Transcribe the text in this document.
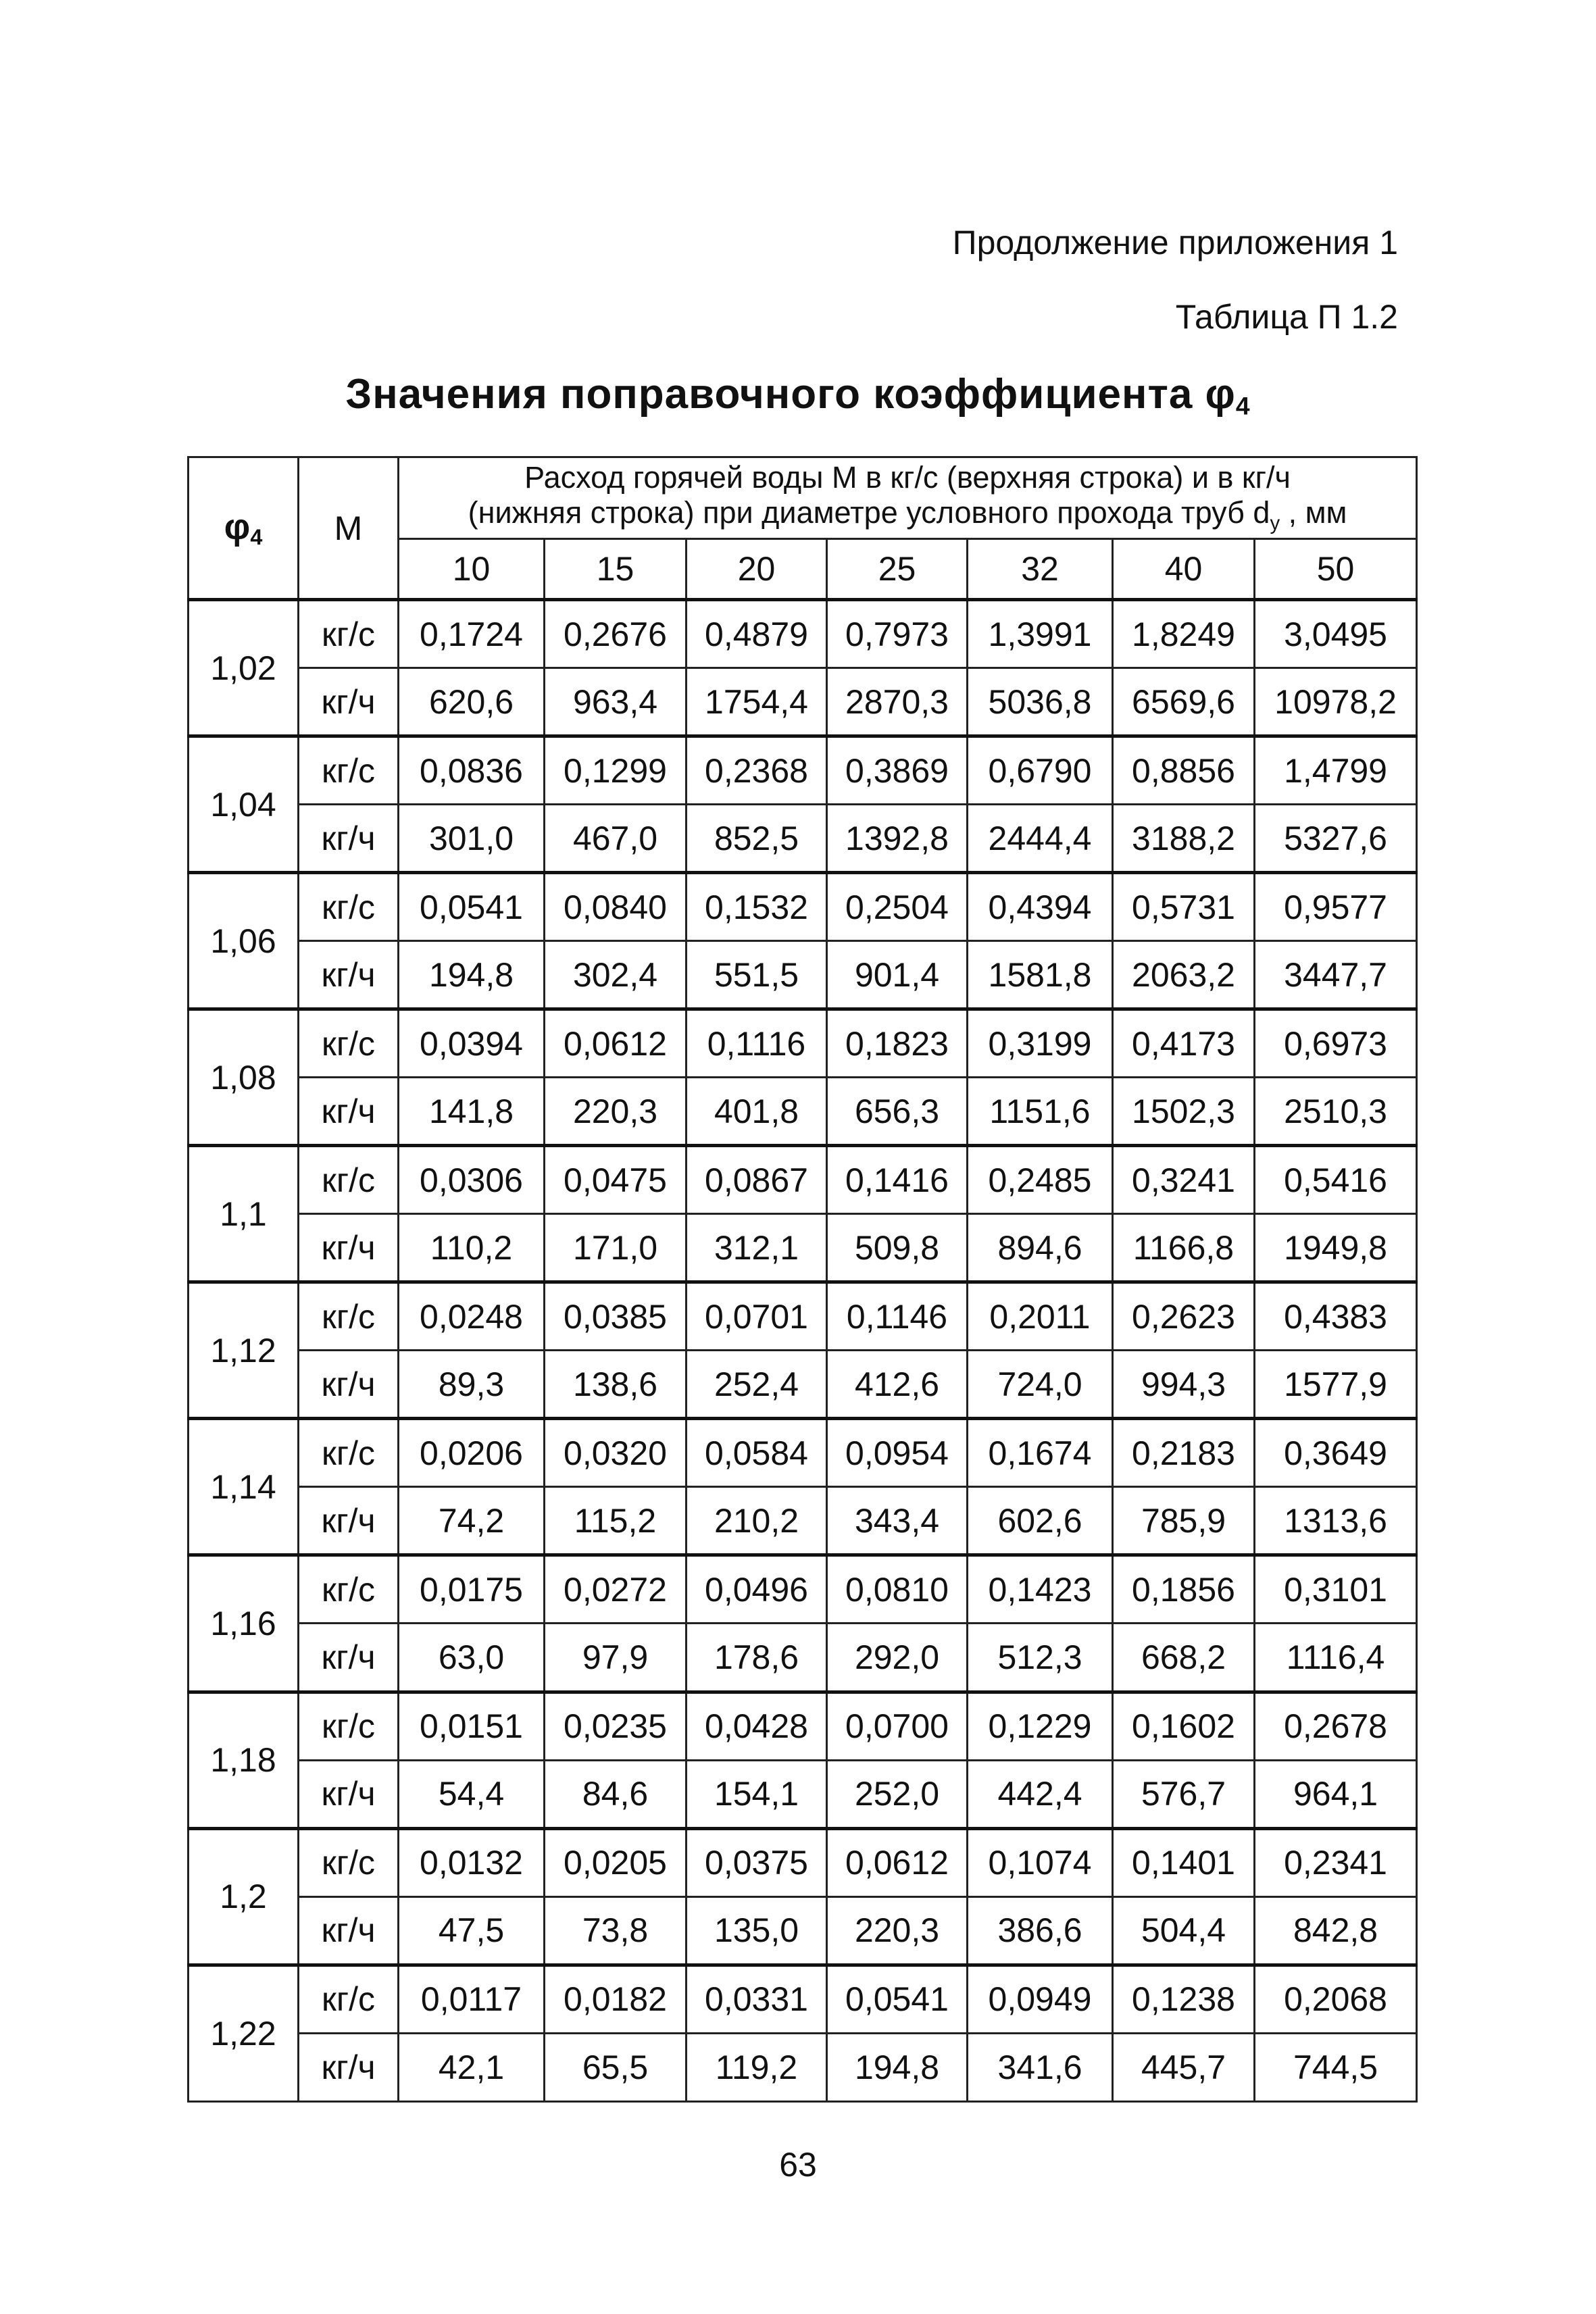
Продолжение приложения 1
Таблица П 1.2
Значения поправочного коэффициента $\varphi_4$
$\varphi_4$	M	Расход горячей воды М в кг/с (верхняя строка) и в кг/ч
(нижняя строка) при диаметре условного прохода труб $d_у$ , мм						

		10	15	20	25	32	40	50
1,02	кг/с	0,1724	0,2676	0,4879	0,7973	1,3991	1,8249	3,0495
	кг/ч	620,6	963,4	1754,4	2870,3	5036,8	6569,6	10978,2
1,04	кг/с	0,0836	0,1299	0,2368	0,3869	0,6790	0,8856	1,4799
	кг/ч	301,0	467,0	852,5	1392,8	2444,4	3188,2	5327,6
1,06	кг/с	0,0541	0,0840	0,1532	0,2504	0,4394	0,5731	0,9577
	кг/ч	194,8	302,4	551,5	901,4	1581,8	2063,2	3447,7
1,08	кг/с	0,0394	0,0612	0,1116	0,1823	0,3199	0,4173	0,6973
	кг/ч	141,8	220,3	401,8	656,3	1151,6	1502,3	2510,3
1,1	кг/с	0,0306	0,0475	0,0867	0,1416	0,2485	0,3241	0,5416
	кг/ч	110,2	171,0	312,1	509,8	894,6	1166,8	1949,8
1,12	кг/с	0,0248	0,0385	0,0701	0,1146	0,2011	0,2623	0,4383
	кг/ч	89,3	138,6	252,4	412,6	724,0	994,3	1577,9
1,14	кг/с	0,0206	0,0320	0,0584	0,0954	0,1674	0,2183	0,3649
	кг/ч	74,2	115,2	210,2	343,4	602,6	785,9	1313,6
1,16	кг/с	0,0175	0,0272	0,0496	0,0810	0,1423	0,1856	0,3101
	кг/ч	63,0	97,9	178,6	292,0	512,3	668,2	1116,4
1,18	кг/с	0,0151	0,0235	0,0428	0,0700	0,1229	0,1602	0,2678
	кг/ч	54,4	84,6	154,1	252,0	442,4	576,7	964,1
1,2	кг/с	0,0132	0,0205	0,0375	0,0612	0,1074	0,1401	0,2341
	кг/ч	47,5	73,8	135,0	220,3	386,6	504,4	842,8
1,22	кг/с	0,0117	0,0182	0,0331	0,0541	0,0949	0,1238	0,2068
	кг/ч	42,1	65,5	119,2	194,8	341,6	445,7	744,5
63
